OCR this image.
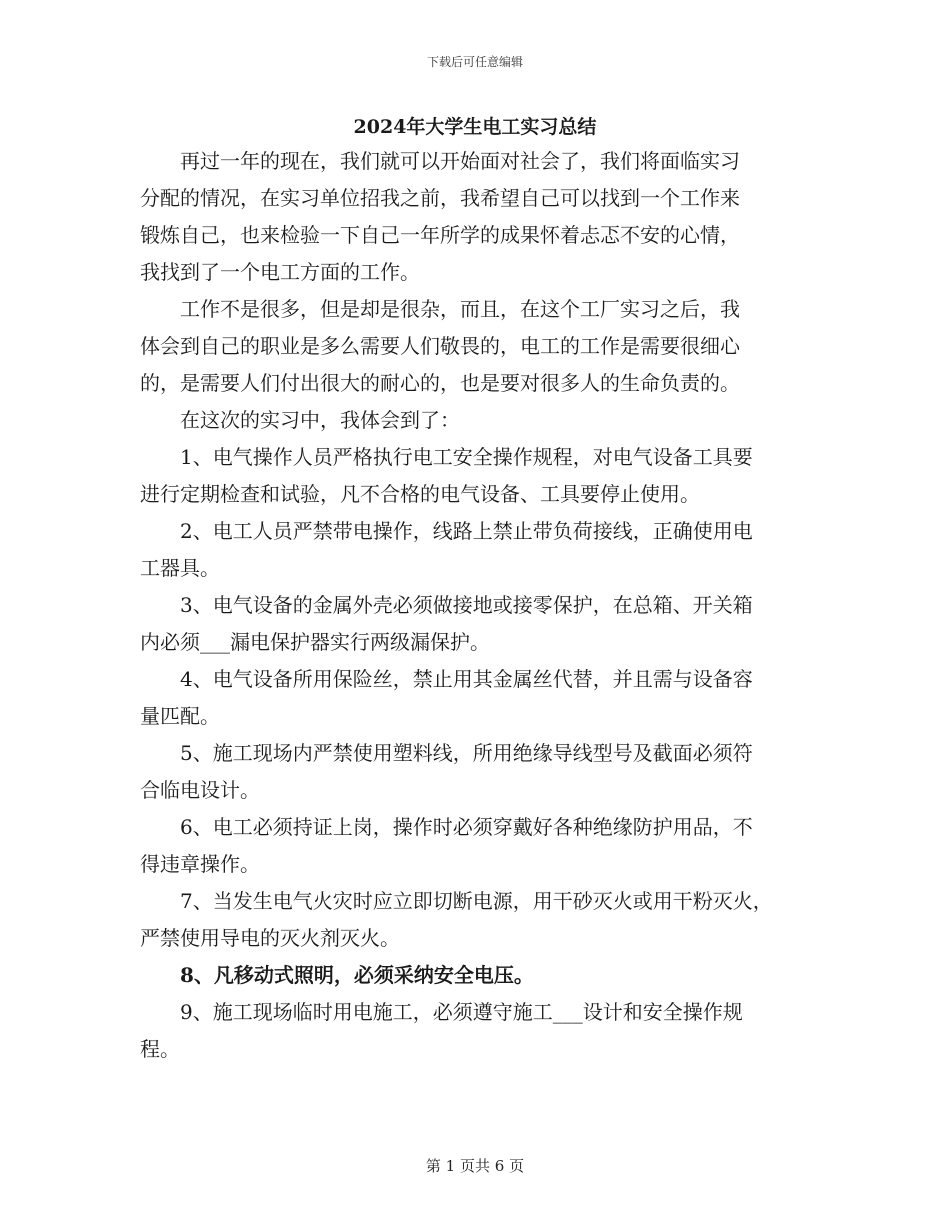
下载后可任意编辑
2024年大学生电工实习总结
再过一年的现在，我们就可以开始面对社会了，我们将面临实习
分配的情况，在实习单位招我之前，我希望自己可以找到一个工作来
锻炼自己，也来检验一下自己一年所学的成果怀着忐忑不安的心情，
我找到了一个电工方面的工作。
工作不是很多，但是却是很杂，而且，在这个工厂实习之后，我
体会到自己的职业是多么需要人们敬畏的，电工的工作是需要很细心
的，是需要人们付出很大的耐心的，也是要对很多人的生命负责的。
在这次的实习中，我体会到了：
1、电气操作人员严格执行电工安全操作规程，对电气设备工具要
进行定期检查和试验，凡不合格的电气设备、工具要停止使用。
2、电工人员严禁带电操作，线路上禁止带负荷接线，正确使用电
工器具。
3、电气设备的金属外壳必须做接地或接零保护，在总箱、开关箱
内必须___漏电保护器实行两级漏保护。
4、电气设备所用保险丝，禁止用其金属丝代替，并且需与设备容
量匹配。
5、施工现场内严禁使用塑料线，所用绝缘导线型号及截面必须符
合临电设计。
6、电工必须持证上岗，操作时必须穿戴好各种绝缘防护用品，不
得违章操作。
7、当发生电气火灾时应立即切断电源，用干砂灭火或用干粉灭火，
严禁使用导电的灭火剂灭火。
8、凡移动式照明，必须采纳安全电压。
9、施工现场临时用电施工，必须遵守施工___设计和安全操作规
程。
第 1 页共 6 页
